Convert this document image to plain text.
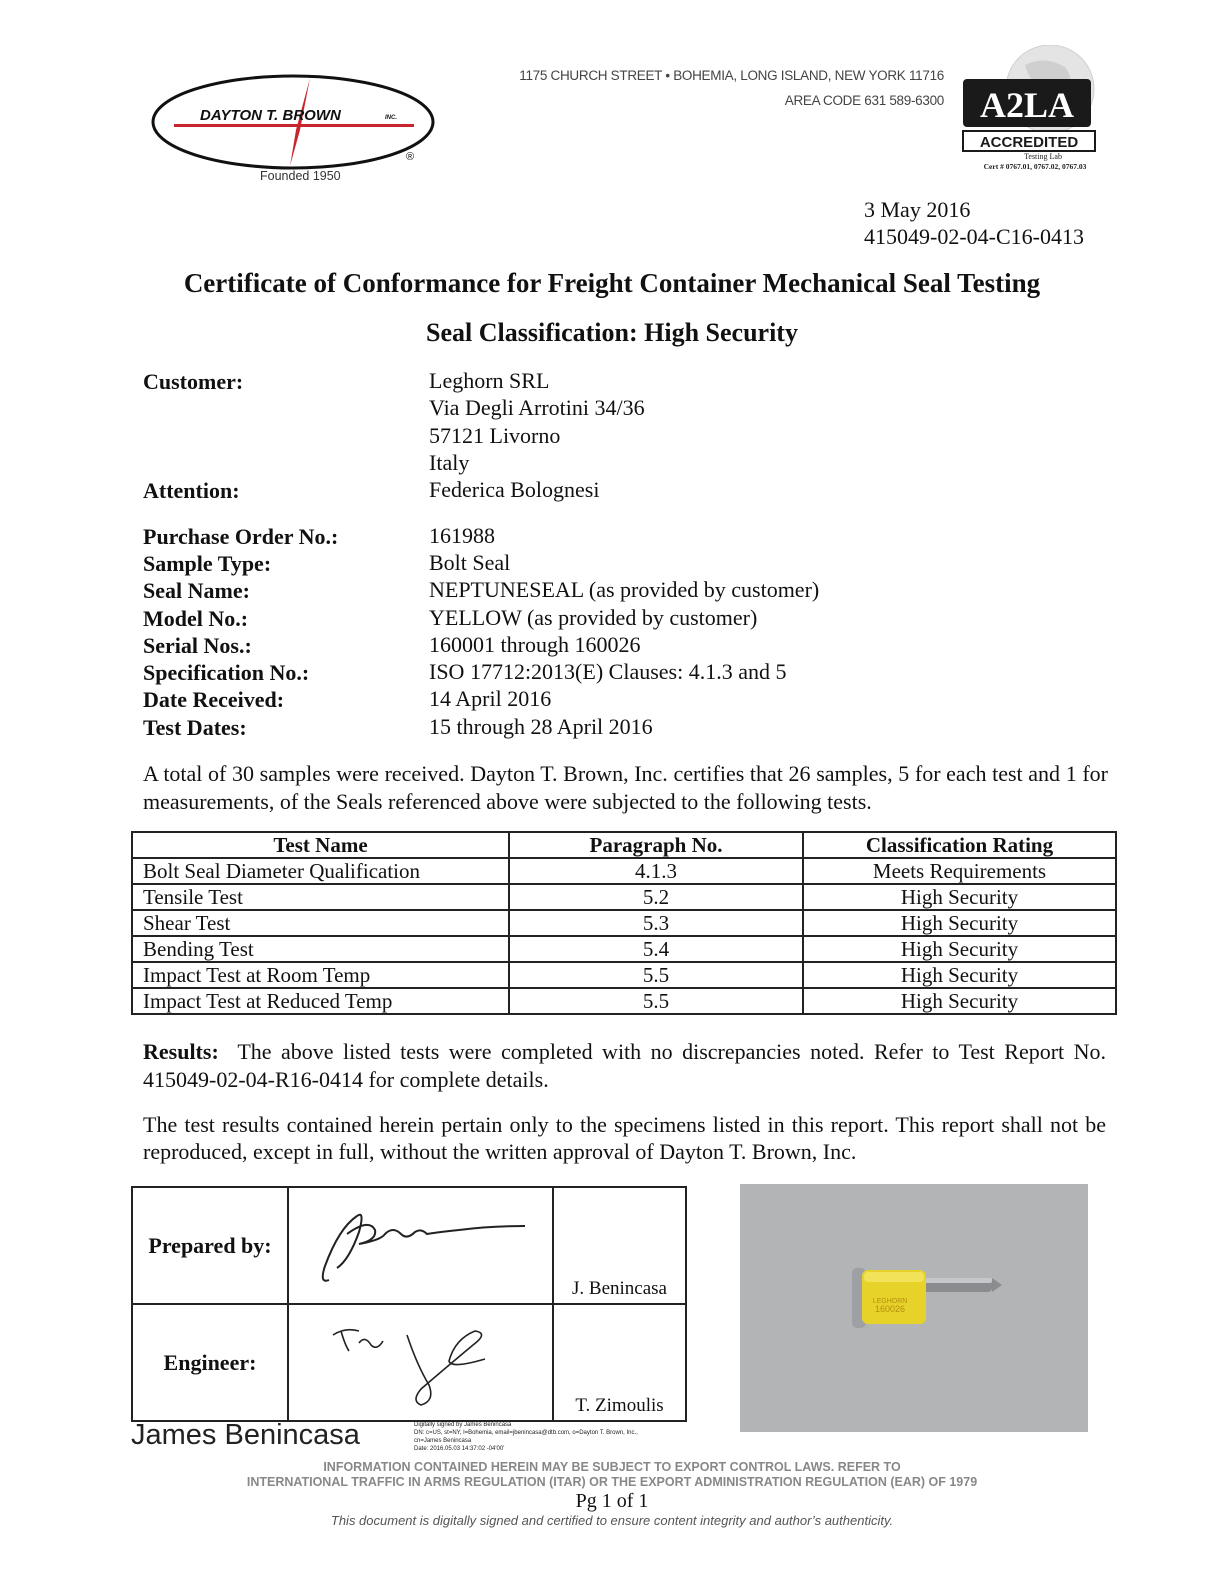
DAYTON T. BROWN	INC.
®
Founded 1950
1175 CHURCH STREET • BOHEMIA, LONG ISLAND, NEW YORK 11716
AREA CODE 631 589-6300 A2LA
ACCREDITED
Testing Lab
Cert # 0767.01, 0767.02, 0767.03
3 May 2016
415049-02-04-C16-0413
Certificate of Conformance for Freight Container Mechanical Seal Testing
Seal Classification: High Security
Customer:	Leghorn SRL
Via Degli Arrotini 34/36
57121 Livorno
Italy
Attention:	Federica Bolognesi
Purchase Order No.:	161988
Sample Type:	Bolt Seal
Seal Name:	NEPTUNESEAL (as provided by customer)
Model No.:	YELLOW (as provided by customer)
Serial Nos.:	160001 through 160026
Specification No.:	ISO 17712:2013(E) Clauses: 4.1.3 and 5
Date Received:	14 April 2016
Test Dates:	15 through 28 April 2016
A total of 30 samples were received. Dayton T. Brown, Inc. certifies that 26 samples, 5 for each test and 1 for measurements, of the Seals referenced above were subjected to the following tests.
Test Name	Paragraph No.	Classification Rating
Bolt Seal Diameter Qualification	4.1.3	Meets Requirements
Tensile Test	5.2	High Security
Shear Test	5.3	High Security
Bending Test	5.4	High Security
Impact Test at Room Temp	5.5	High Security
Impact Test at Reduced Temp	5.5	High Security
Results: The above listed tests were completed with no discrepancies noted. Refer to Test Report No. 415049-02-04-R16-0414 for complete details.
The test results contained herein pertain only to the specimens listed in this report. This report shall not be reproduced, except in full, without the written approval of Dayton T. Brown, Inc.
Prepared by:		J. Benincasa
Engineer:		T. Zimoulis
LEGHORN
160026
James Benincasa	Digitally signed by James Benincasa
DN: c=US, st=NY, l=Bohemia, email=jbenincasa@dtb.com, o=Dayton T. Brown, Inc.,
cn=James Benincasa
Date: 2016.05.03 14:37:02 -04'00'
INFORMATION CONTAINED HEREIN MAY BE SUBJECT TO EXPORT CONTROL LAWS. REFER TO
INTERNATIONAL TRAFFIC IN ARMS REGULATION (ITAR) OR THE EXPORT ADMINISTRATION REGULATION (EAR) OF 1979
Pg 1 of 1
This document is digitally signed and certified to ensure content integrity and author’s authenticity.
